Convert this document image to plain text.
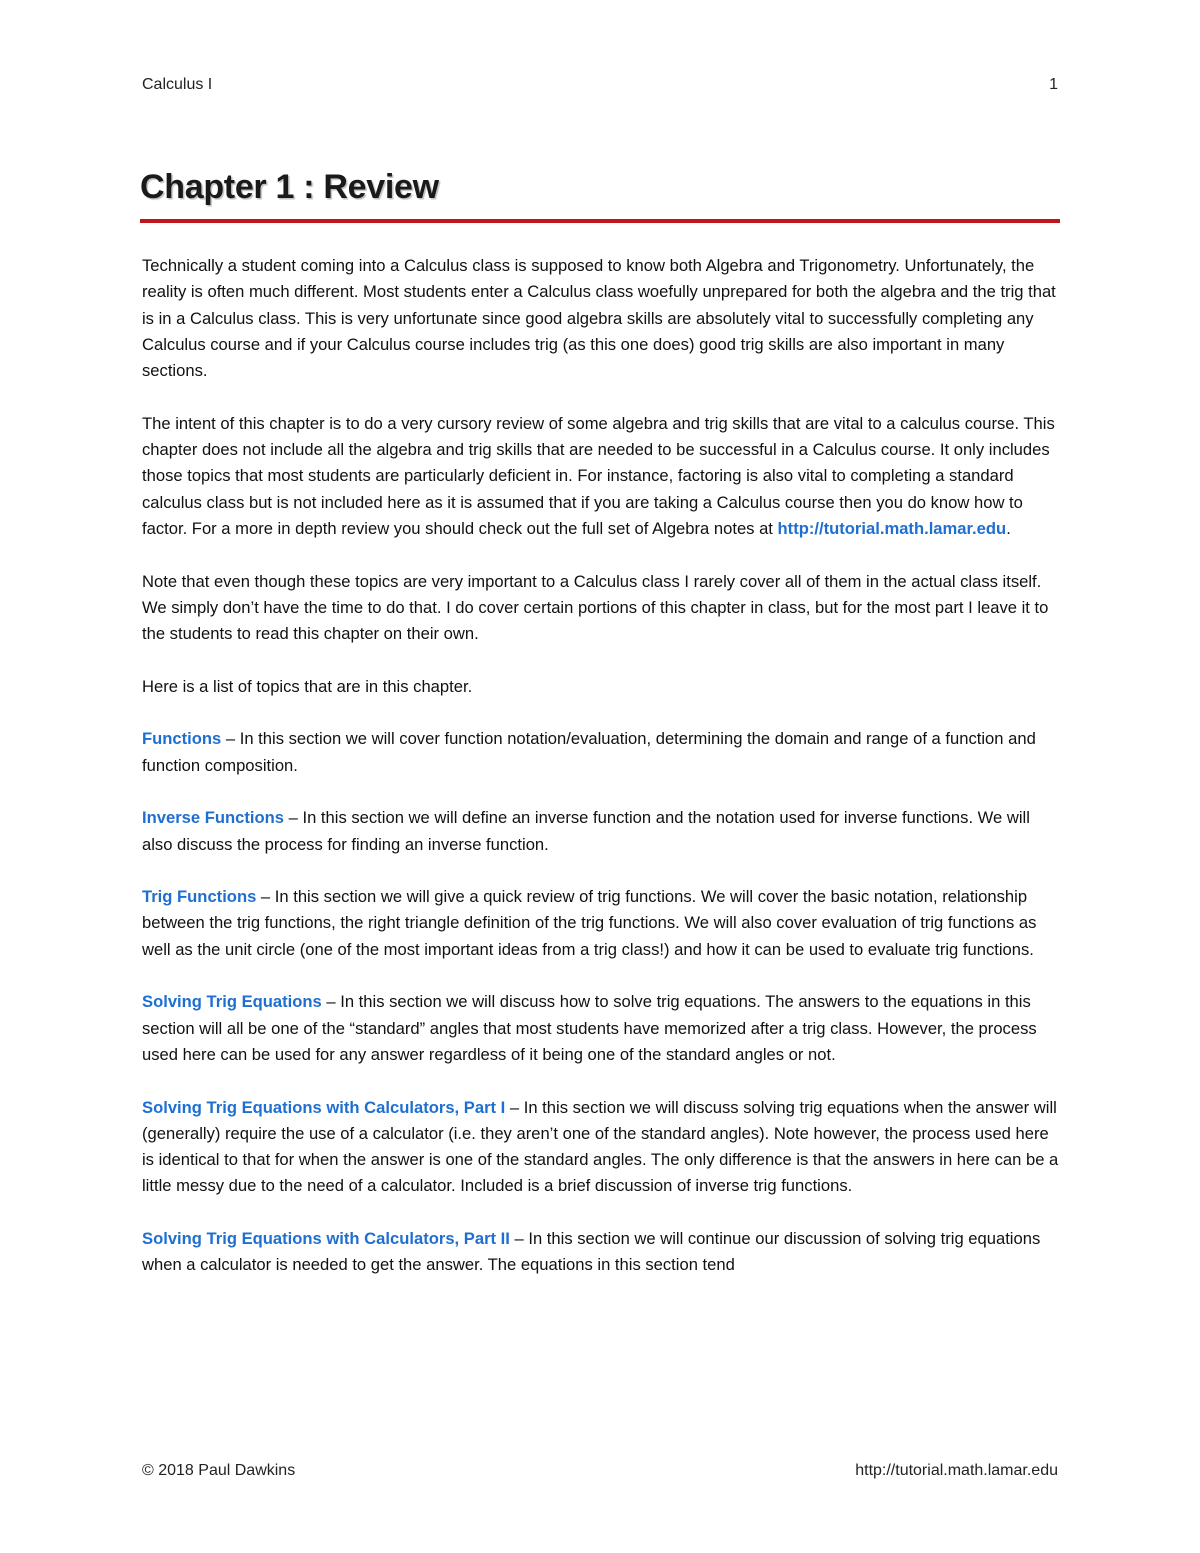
Calculus I	1
Chapter 1 : Review

Technically a student coming into a Calculus class is supposed to know both Algebra and Trigonometry. Unfortunately, the reality is often much different. Most students enter a Calculus class woefully unprepared for both the algebra and the trig that is in a Calculus class. This is very unfortunate since good algebra skills are absolutely vital to successfully completing any Calculus course and if your Calculus course includes trig (as this one does) good trig skills are also important in many sections.

The intent of this chapter is to do a very cursory review of some algebra and trig skills that are vital to a calculus course. This chapter does not include all the algebra and trig skills that are needed to be successful in a Calculus course. It only includes those topics that most students are particularly deficient in. For instance, factoring is also vital to completing a standard calculus class but is not included here as it is assumed that if you are taking a Calculus course then you do know how to factor. For a more in depth review you should check out the full set of Algebra notes at http://tutorial.math.lamar.edu.

Note that even though these topics are very important to a Calculus class I rarely cover all of them in the actual class itself. We simply don’t have the time to do that. I do cover certain portions of this chapter in class, but for the most part I leave it to the students to read this chapter on their own.

Here is a list of topics that are in this chapter.

Functions – In this section we will cover function notation/evaluation, determining the domain and range of a function and function composition.

Inverse Functions – In this section we will define an inverse function and the notation used for inverse functions. We will also discuss the process for finding an inverse function.

Trig Functions – In this section we will give a quick review of trig functions. We will cover the basic notation, relationship between the trig functions, the right triangle definition of the trig functions. We will also cover evaluation of trig functions as well as the unit circle (one of the most important ideas from a trig class!) and how it can be used to evaluate trig functions.

Solving Trig Equations – In this section we will discuss how to solve trig equations. The answers to the equations in this section will all be one of the “standard” angles that most students have memorized after a trig class. However, the process used here can be used for any answer regardless of it being one of the standard angles or not.

Solving Trig Equations with Calculators, Part I – In this section we will discuss solving trig equations when the answer will (generally) require the use of a calculator (i.e. they aren’t one of the standard angles). Note however, the process used here is identical to that for when the answer is one of the standard angles. The only difference is that the answers in here can be a little messy due to the need of a calculator. Included is a brief discussion of inverse trig functions.

Solving Trig Equations with Calculators, Part II – In this section we will continue our discussion of solving trig equations when a calculator is needed to get the answer. The equations in this section tend

© 2018 Paul Dawkins	http://tutorial.math.lamar.edu
